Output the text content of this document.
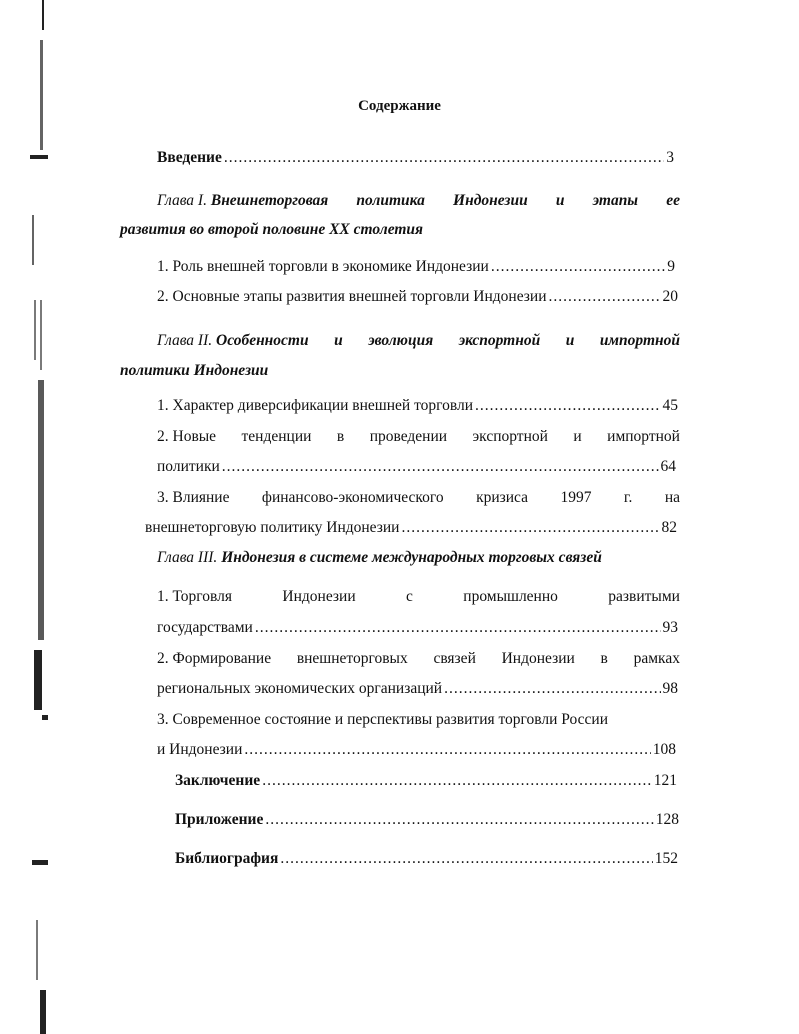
Содержание
Введение .....	3
Глава I. Внешнеторговая политика Индонезии и этапы ее
развития во второй половине XX столетия
1. Роль внешней торговли в экономике Индонезии .....	9
2. Основные этапы развития внешней торговли Индонезии .....	20
Глава II. Особенности и эволюция экспортной и импортной
политики Индонезии
1. Характер диверсификации внешней торговли .....	45
2. Новые тенденции в проведении экспортной и импортной
политики .....	64
3. Влияние финансово-экономического кризиса 1997 г. на
внешнеторговую политику Индонезии .....	82
Глава III.
Индонезия в системе международных торговых связей
1. Торговля	Индонезии	с	промышленно	развитыми
государствами .....	93
2. Формирование внешнеторговых связей Индонезии в рамках
региональных экономических организаций .....	98
3. Современное состояние и перспективы развития торговли России
и Индонезии .....	108
Заключение .....	121
Приложение .....	128
Библиография .....	152
